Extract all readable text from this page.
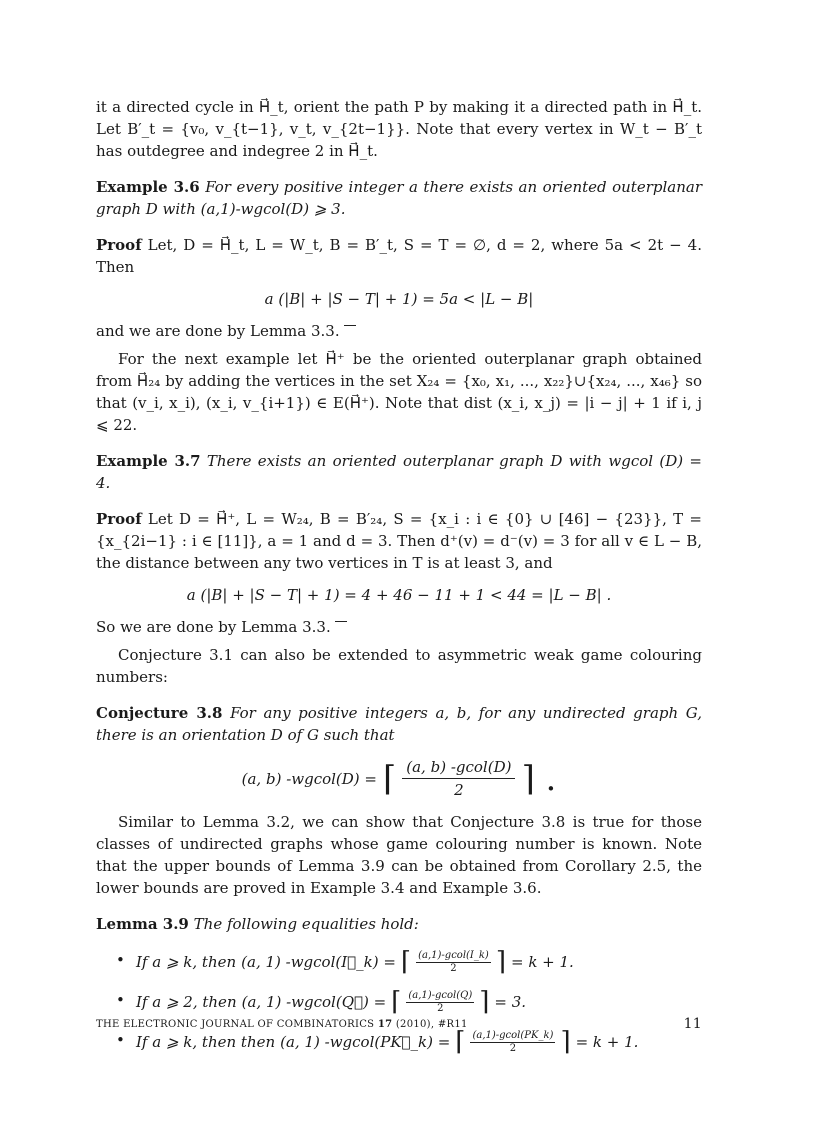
it a directed cycle in H⃗_t, orient the path P by making it a directed path in H⃗_t. Let B′_t = {v₀, v_{t−1}, v_t, v_{2t−1}}. Note that every vertex in W_t − B′_t has outdegree and indegree 2 in H⃗_t.

Example 3.6 For every positive integer a there exists an oriented outerplanar graph D with (a,1)-wgcol(D) ⩾ 3.

Proof Let, D = H⃗_t, L = W_t, B = B′_t, S = T = ∅, d = 2, where 5a < 2t − 4. Then

a (|B| + |S − T| + 1) = 5a < |L − B|

and we are done by Lemma 3.3.

For the next example let H⃗⁺ be the oriented outerplanar graph obtained from H⃗₂₄ by adding the vertices in the set X₂₄ = {x₀, x₁, ..., x₂₂}∪{x₂₄, ..., x₄₆} so that (v_i, x_i), (x_i, v_{i+1}) ∈ E(H⃗⁺). Note that dist (x_i, x_j) = |i − j| + 1 if i, j ⩽ 22.

Example 3.7 There exists an oriented outerplanar graph D with wgcol (D) = 4.

Proof Let D = H⃗⁺, L = W₂₄, B = B′₂₄, S = {x_i : i ∈ {0} ∪ [46] − {23}}, T = {x_{2i−1} : i ∈ [11]}, a = 1 and d = 3. Then d⁺(v) = d⁻(v) = 3 for all v ∈ L − B, the distance between any two vertices in T is at least 3, and

a (|B| + |S − T| + 1) = 4 + 46 − 11 + 1 < 44 = |L − B| .

So we are done by Lemma 3.3.

Conjecture 3.1 can also be extended to asymmetric weak game colouring numbers:

Conjecture 3.8 For any positive integers a, b, for any undirected graph G, there is an orientation D of G such that

(a, b) -wgcol(D) = ⌈ (a, b) -gcol(D)
2 ⌉ .

Similar to Lemma 3.2, we can show that Conjecture 3.8 is true for those classes of undirected graphs whose game colouring number is known. Note that the upper bounds of Lemma 3.9 can be obtained from Corollary 2.5, the lower bounds are proved in Example 3.4 and Example 3.6.

Lemma 3.9 The following equalities hold:

• If a ⩾ k, then (a, 1) -wgcol(I⃗_k) = ⌈ (a,1)-gcol(I_k)
2 ⌉ = k + 1.
• If a ⩾ 2, then (a, 1) -wgcol(Q⃗) = ⌈ (a,1)-gcol(Q)
2 ⌉ = 3.
• If a ⩾ k, then then (a, 1) -wgcol(PK⃗_k) = ⌈ (a,1)-gcol(PK_k)
2 ⌉ = k + 1.
THE ELECTRONIC JOURNAL OF COMBINATORICS 17 (2010), #R11	11
